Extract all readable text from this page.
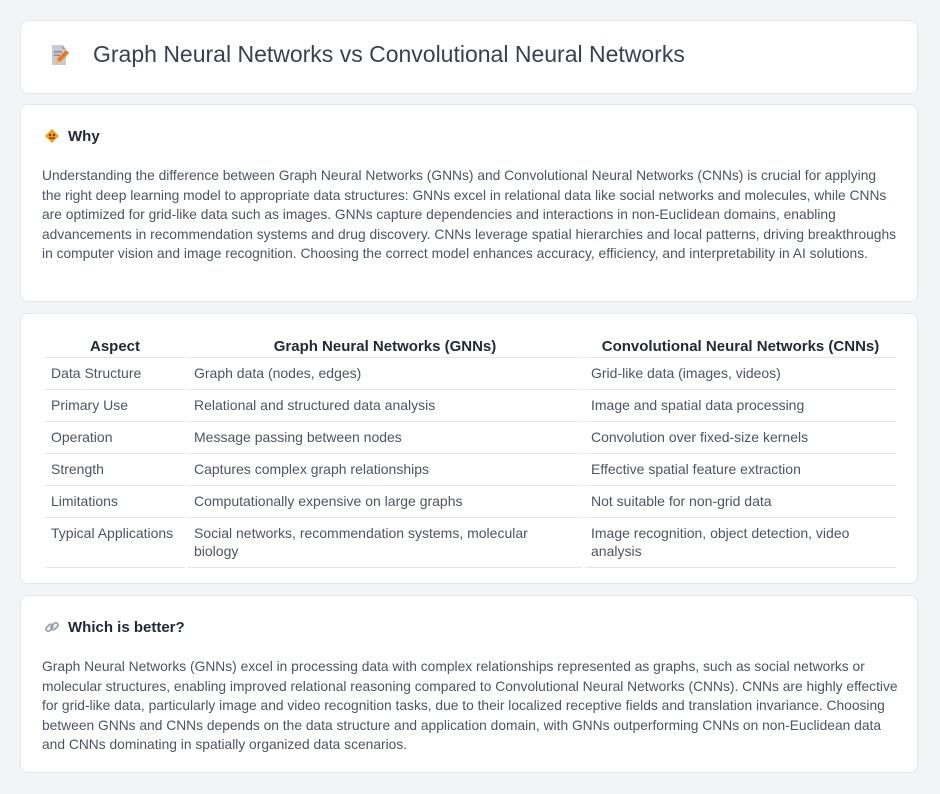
Graph Neural Networks vs Convolutional Neural Networks
Why

Understanding the difference between Graph Neural Networks (GNNs) and Convolutional Neural Networks (CNNs) is crucial for applying the right deep learning model to appropriate data structures: GNNs excel in relational data like social networks and molecules, while CNNs are optimized for grid-like data such as images. GNNs capture dependencies and interactions in non-Euclidean domains, enabling advancements in recommendation systems and drug discovery. CNNs leverage spatial hierarchies and local patterns, driving breakthroughs in computer vision and image recognition. Choosing the correct model enhances accuracy, efficiency, and interpretability in AI solutions.

Aspect	Graph Neural Networks (GNNs)	Convolutional Neural Networks (CNNs)
Data Structure	Graph data (nodes, edges)	Grid-like data (images, videos)
Primary Use	Relational and structured data analysis	Image and spatial data processing
Operation	Message passing between nodes	Convolution over fixed-size kernels
Strength	Captures complex graph relationships	Effective spatial feature extraction
Limitations	Computationally expensive on large graphs	Not suitable for non-grid data
Typical Applications	Social networks, recommendation systems, molecular biology	Image recognition, object detection, video analysis
Which is better?

Graph Neural Networks (GNNs) excel in processing data with complex relationships represented as graphs, such as social networks or molecular structures, enabling improved relational reasoning compared to Convolutional Neural Networks (CNNs). CNNs are highly effective for grid-like data, particularly image and video recognition tasks, due to their localized receptive fields and translation invariance. Choosing between GNNs and CNNs depends on the data structure and application domain, with GNNs outperforming CNNs on non-Euclidean data and CNNs dominating in spatially organized data scenarios.
